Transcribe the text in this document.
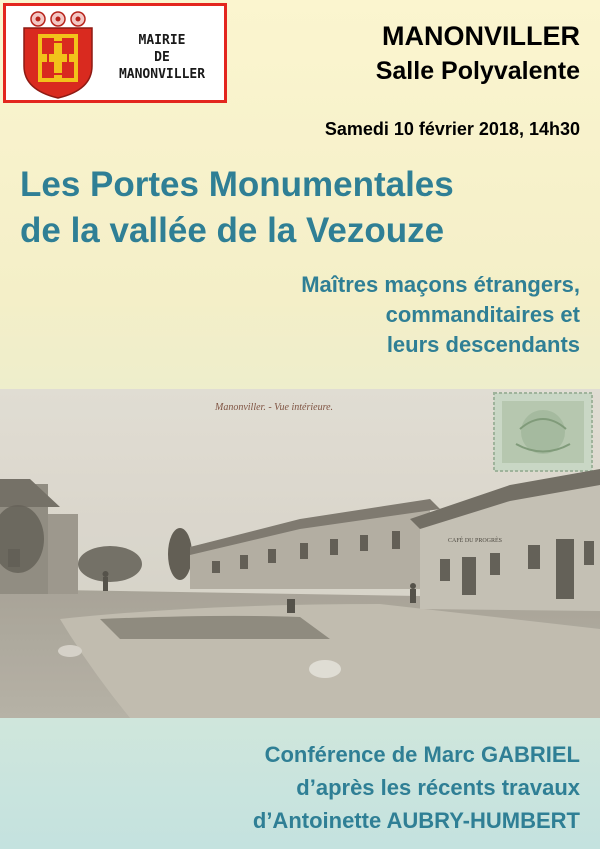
MAIRIE
DE
MANONVILLER
MANONVILLER
Salle Polyvalente
Samedi 10 février 2018, 14h30
Les Portes Monumentales
de la vallée de la Vezouze
Maîtres maçons étrangers,
commanditaires et
leurs descendants
Manonviller. - Vue intérieure.
CAFÉ DU PROGRÈS
Conférence de Marc GABRIEL
d’après les récents travaux
d’Antoinette AUBRY-HUMBERT
